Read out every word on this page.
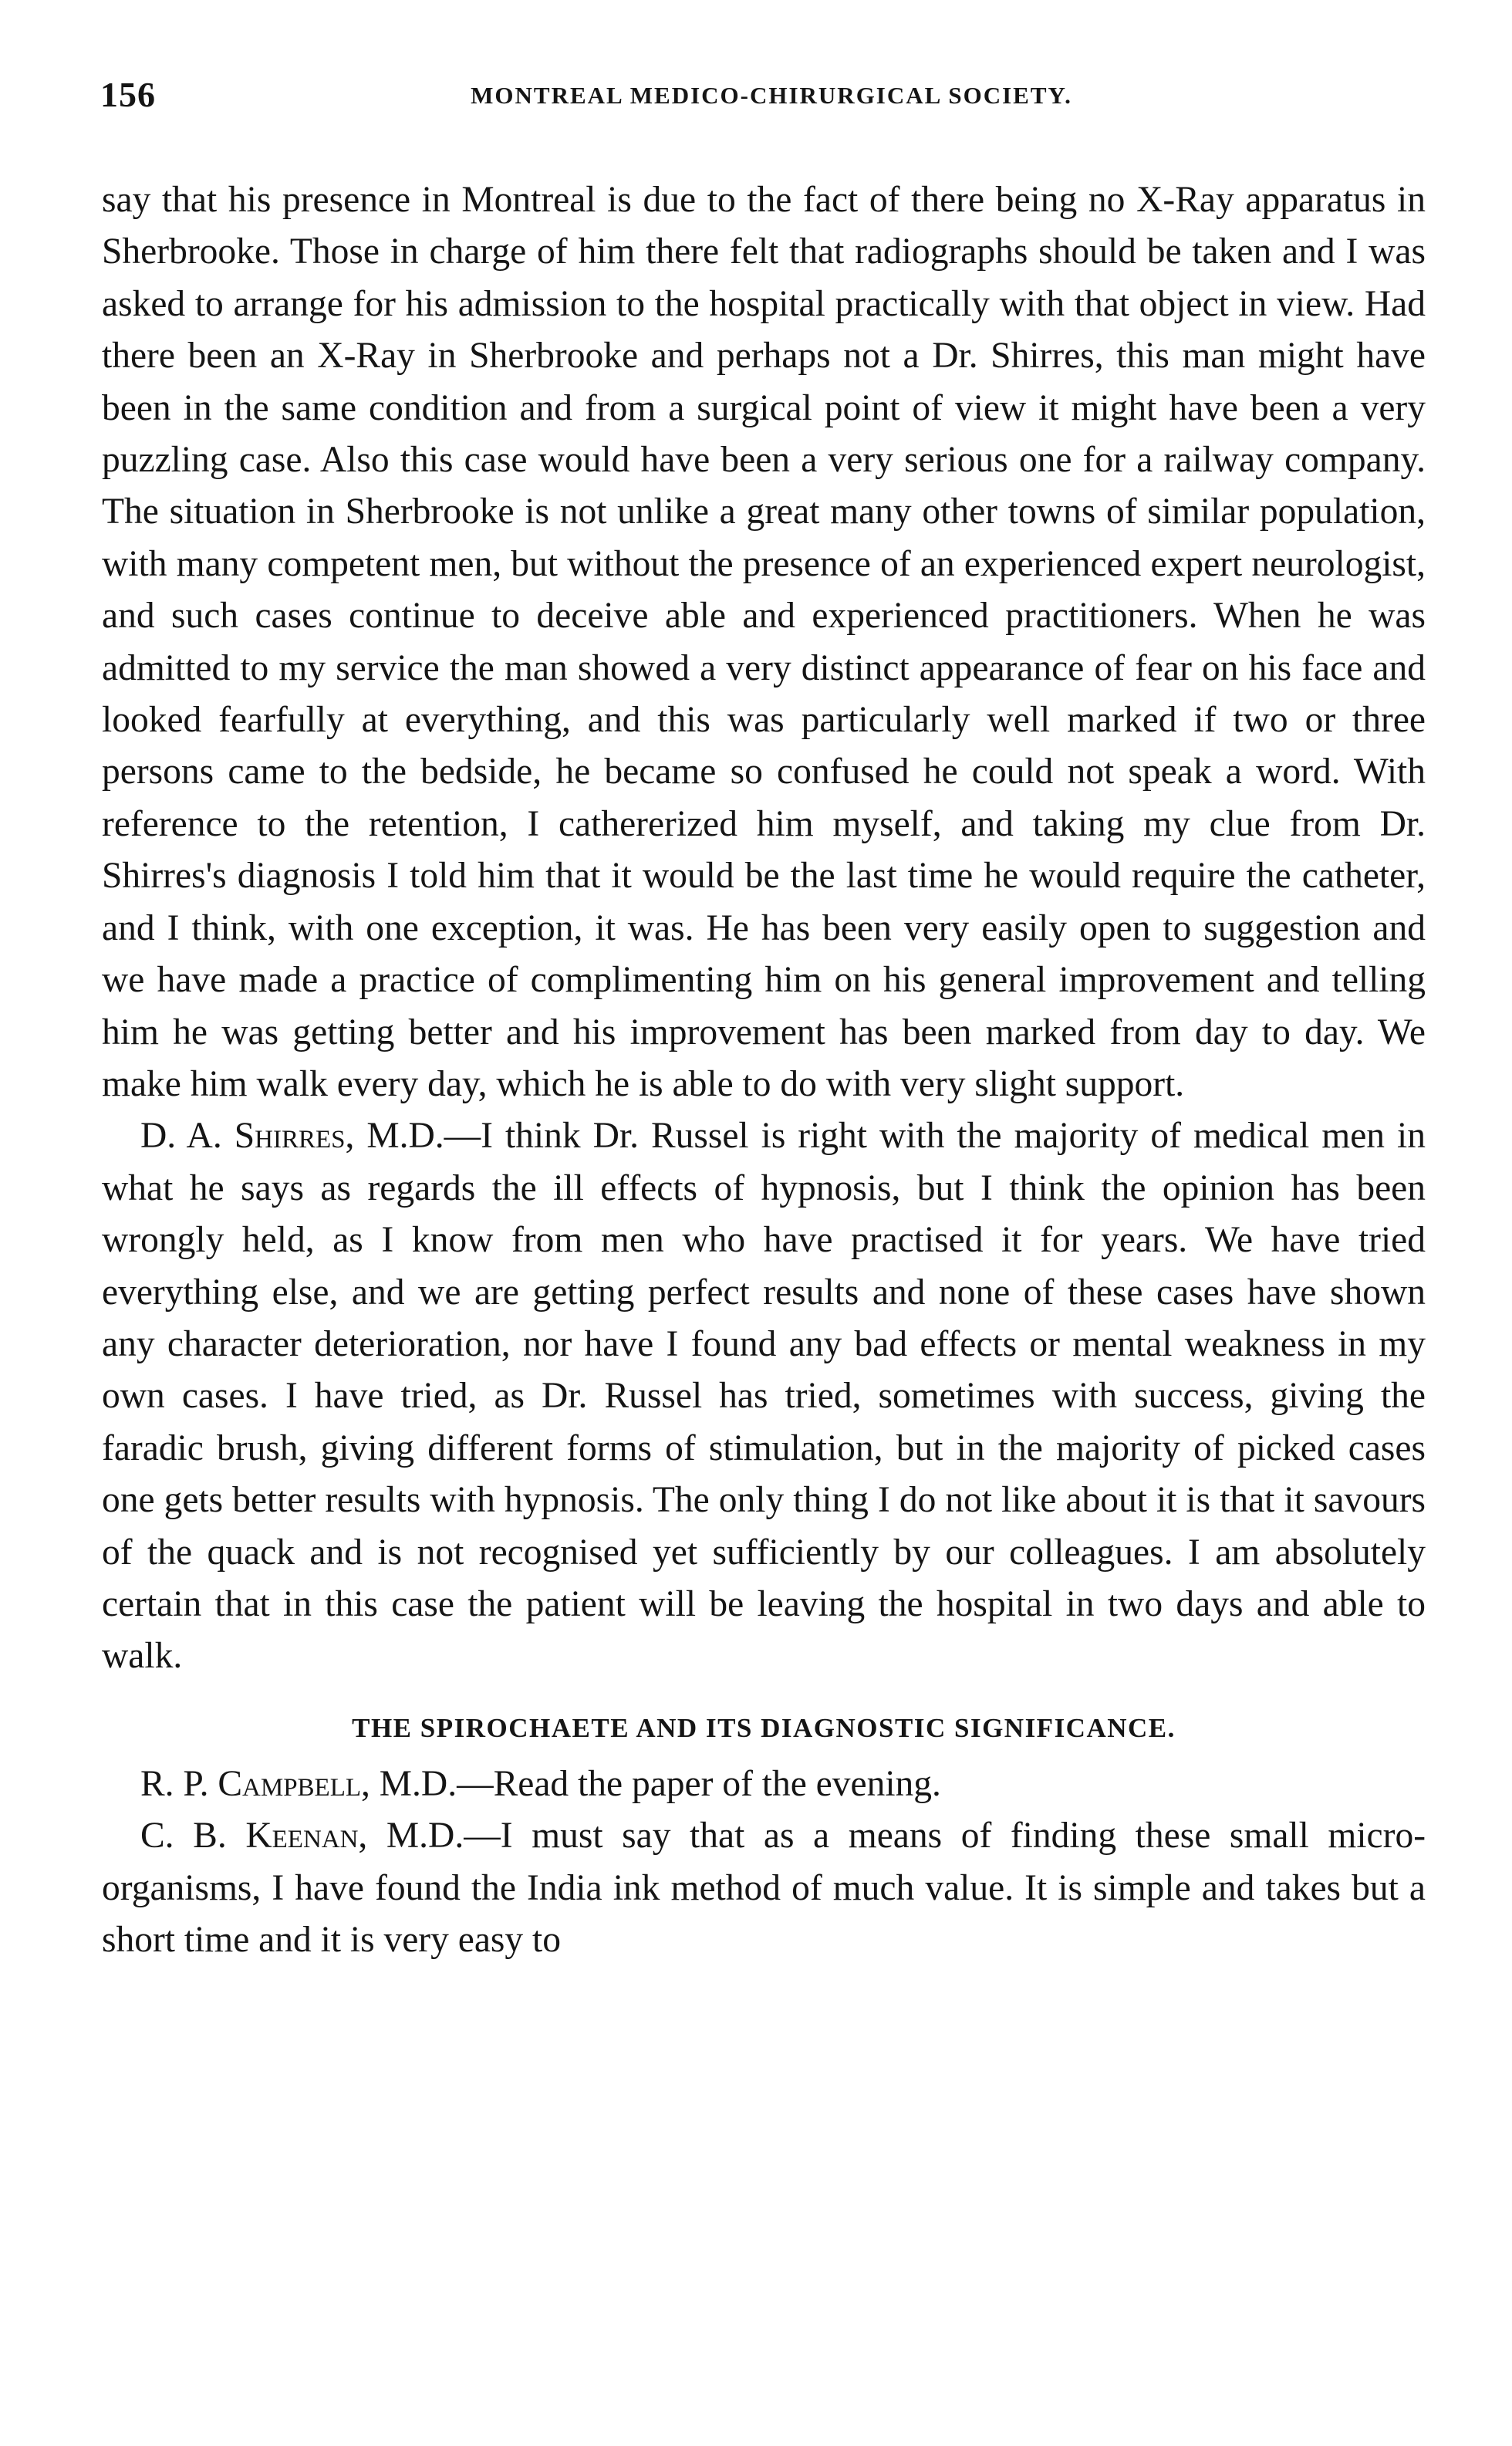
156	MONTREAL MEDICO-CHIRURGICAL SOCIETY.

say that his presence in Montreal is due to the fact of there being no X-Ray apparatus in Sherbrooke. Those in charge of him there felt that radiographs should be taken and I was asked to arrange for his admission to the hospital practically with that object in view. Had there been an X-Ray in Sherbrooke and perhaps not a Dr. Shirres, this man might have been in the same condition and from a surgical point of view it might have been a very puzzling case. Also this case would have been a very serious one for a railway company. The situation in Sherbrooke is not unlike a great many other towns of similar population, with many competent men, but without the presence of an experienced expert neurologist, and such cases continue to deceive able and experienced practitioners. When he was admitted to my service the man showed a very distinct appearance of fear on his face and looked fearfully at everything, and this was particularly well marked if two or three persons came to the bedside, he became so confused he could not speak a word. With reference to the retention, I cathererized him myself, and taking my clue from Dr. Shirres's diagnosis I told him that it would be the last time he would require the catheter, and I think, with one exception, it was. He has been very easily open to suggestion and we have made a practice of complimenting him on his general improvement and telling him he was getting better and his improvement has been marked from day to day. We make him walk every day, which he is able to do with very slight support.

D. A. Shirres, M.D.—I think Dr. Russel is right with the majority of medical men in what he says as regards the ill effects of hypnosis, but I think the opinion has been wrongly held, as I know from men who have practised it for years. We have tried everything else, and we are getting perfect results and none of these cases have shown any character deterioration, nor have I found any bad effects or mental weakness in my own cases. I have tried, as Dr. Russel has tried, sometimes with success, giving the faradic brush, giving different forms of stimulation, but in the majority of picked cases one gets better results with hypnosis. The only thing I do not like about it is that it savours of the quack and is not recognised yet sufficiently by our colleagues. I am absolutely certain that in this case the patient will be leaving the hospital in two days and able to walk.

THE SPIROCHAETE AND ITS DIAGNOSTIC SIGNIFICANCE.

R. P. Campbell, M.D.—Read the paper of the evening.

C. B. Keenan, M.D.—I must say that as a means of finding these small micro-organisms, I have found the India ink method of much value. It is simple and takes but a short time and it is very easy to
